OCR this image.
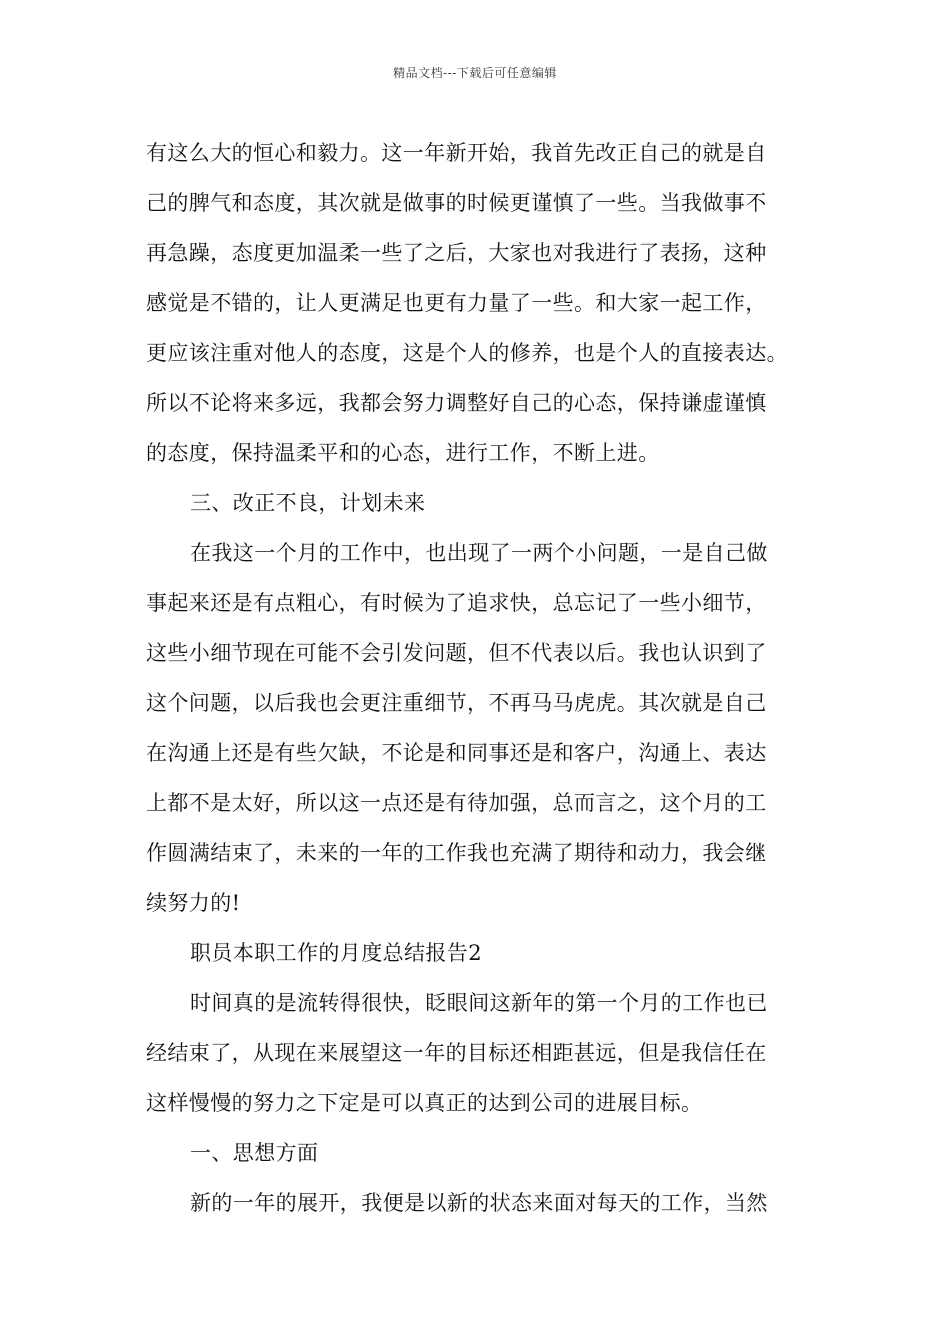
精品文档---下载后可任意编辑
有这么大的恒心和毅力。这一年新开始，我首先改正自己的就是自
己的脾气和态度，其次就是做事的时候更谨慎了一些。当我做事不
再急躁，态度更加温柔一些了之后，大家也对我进行了表扬，这种
感觉是不错的，让人更满足也更有力量了一些。和大家一起工作，
更应该注重对他人的态度，这是个人的修养，也是个人的直接表达。
所以不论将来多远，我都会努力调整好自己的心态，保持谦虚谨慎
的态度，保持温柔平和的心态，进行工作，不断上进。
三、改正不良，计划未来
在我这一个月的工作中，也出现了一两个小问题，一是自己做
事起来还是有点粗心，有时候为了追求快，总忘记了一些小细节，
这些小细节现在可能不会引发问题，但不代表以后。我也认识到了
这个问题，以后我也会更注重细节，不再马马虎虎。其次就是自己
在沟通上还是有些欠缺，不论是和同事还是和客户，沟通上、表达
上都不是太好，所以这一点还是有待加强，总而言之，这个月的工
作圆满结束了，未来的一年的工作我也充满了期待和动力，我会继
续努力的!
职员本职工作的月度总结报告2
时间真的是流转得很快，眨眼间这新年的第一个月的工作也已
经结束了，从现在来展望这一年的目标还相距甚远，但是我信任在
这样慢慢的努力之下定是可以真正的达到公司的进展目标。
一、思想方面
新的一年的展开，我便是以新的状态来面对每天的工作，当然
